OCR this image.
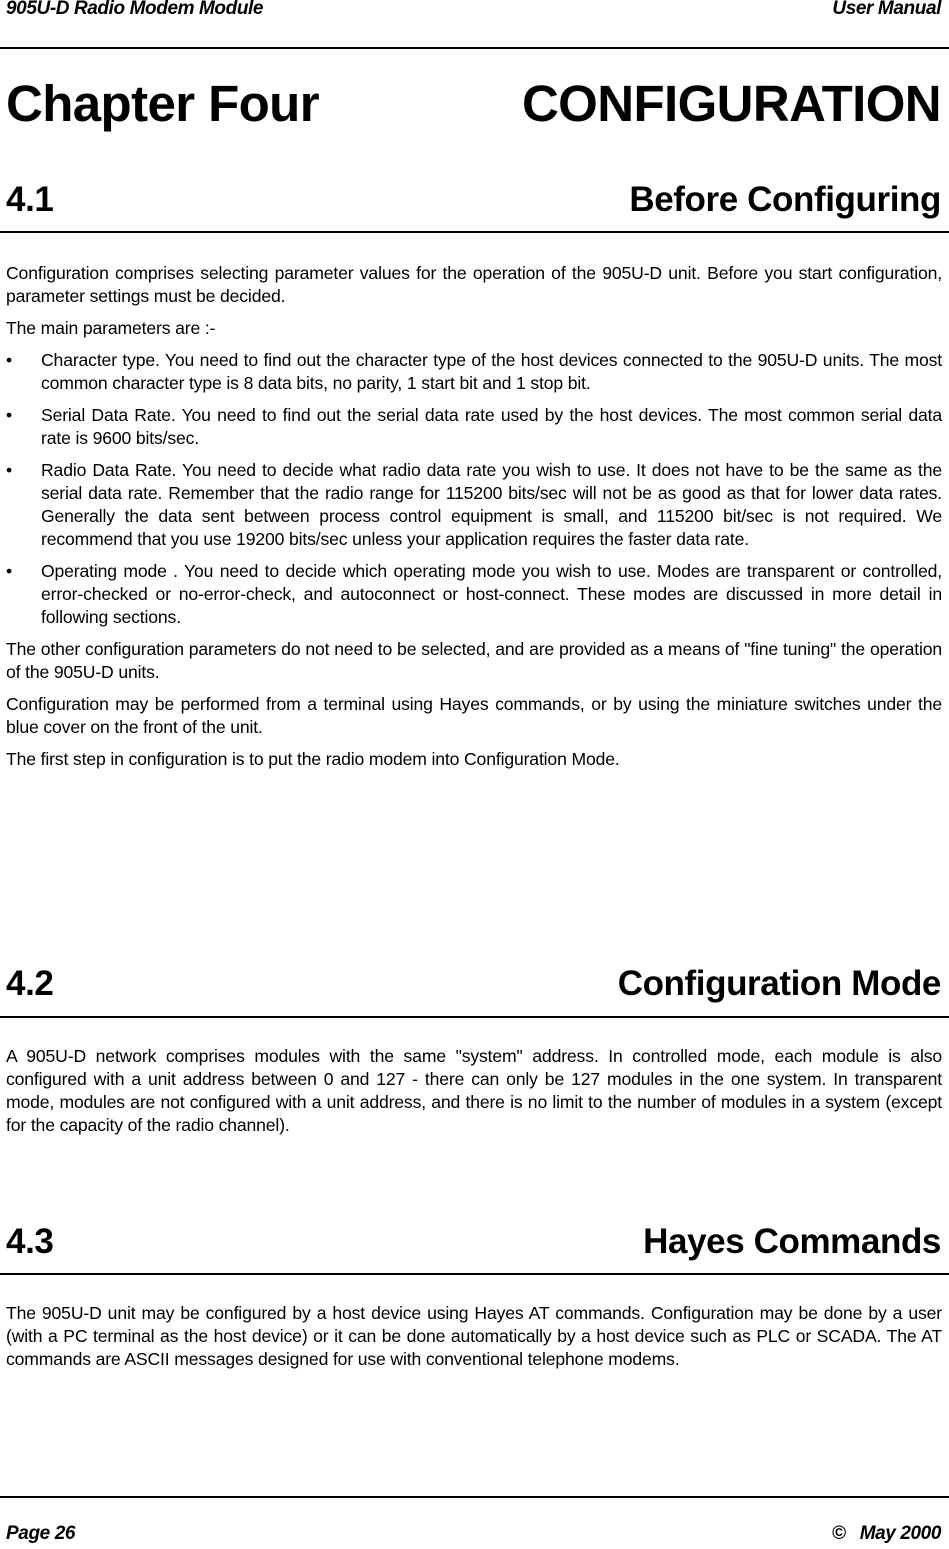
905U-D Radio Modem Module	User Manual
Chapter Four	CONFIGURATION
4.1	Before Configuring

Configuration comprises selecting parameter values for the operation of the 905U-D unit. Before you start configuration, parameter settings must be decided.

The main parameters are :-

•	Character type. You need to find out the character type of the host devices connected to the 905U-D units. The most common character type is 8 data bits, no parity, 1 start bit and 1 stop bit.
•	Serial Data Rate. You need to find out the serial data rate used by the host devices. The most common serial data rate is 9600 bits/sec.
•	Radio Data Rate. You need to decide what radio data rate you wish to use. It does not have to be the same as the serial data rate. Remember that the radio range for 115200 bits/sec will not be as good as that for lower data rates. Generally the data sent between process control equipment is small, and 115200 bit/sec is not required. We recommend that you use 19200 bits/sec unless your application requires the faster data rate.
•	Operating mode . You need to decide which operating mode you wish to use. Modes are transparent or controlled, error-checked or no-error-check, and autoconnect or host-connect. These modes are discussed in more detail in following sections.

The other configuration parameters do not need to be selected, and are provided as a means of "fine tuning" the operation of the 905U-D units.

Configuration may be performed from a terminal using Hayes commands, or by using the miniature switches under the blue cover on the front of the unit.

The first step in configuration is to put the radio modem into Configuration Mode.

4.2	Configuration Mode

A 905U-D network comprises modules with the same "system" address. In controlled mode, each module is also configured with a unit address between 0 and 127 - there can only be 127 modules in the one system. In transparent mode, modules are not configured with a unit address, and there is no limit to the number of modules in a system (except for the capacity of the radio channel).

4.3	Hayes Commands

The 905U-D unit may be configured by a host device using Hayes AT commands. Configuration may be done by a user (with a PC terminal as the host device) or it can be done automatically by a host device such as PLC or SCADA. The AT commands are ASCII messages designed for use with conventional telephone modems.

Page 26	© May 2000
